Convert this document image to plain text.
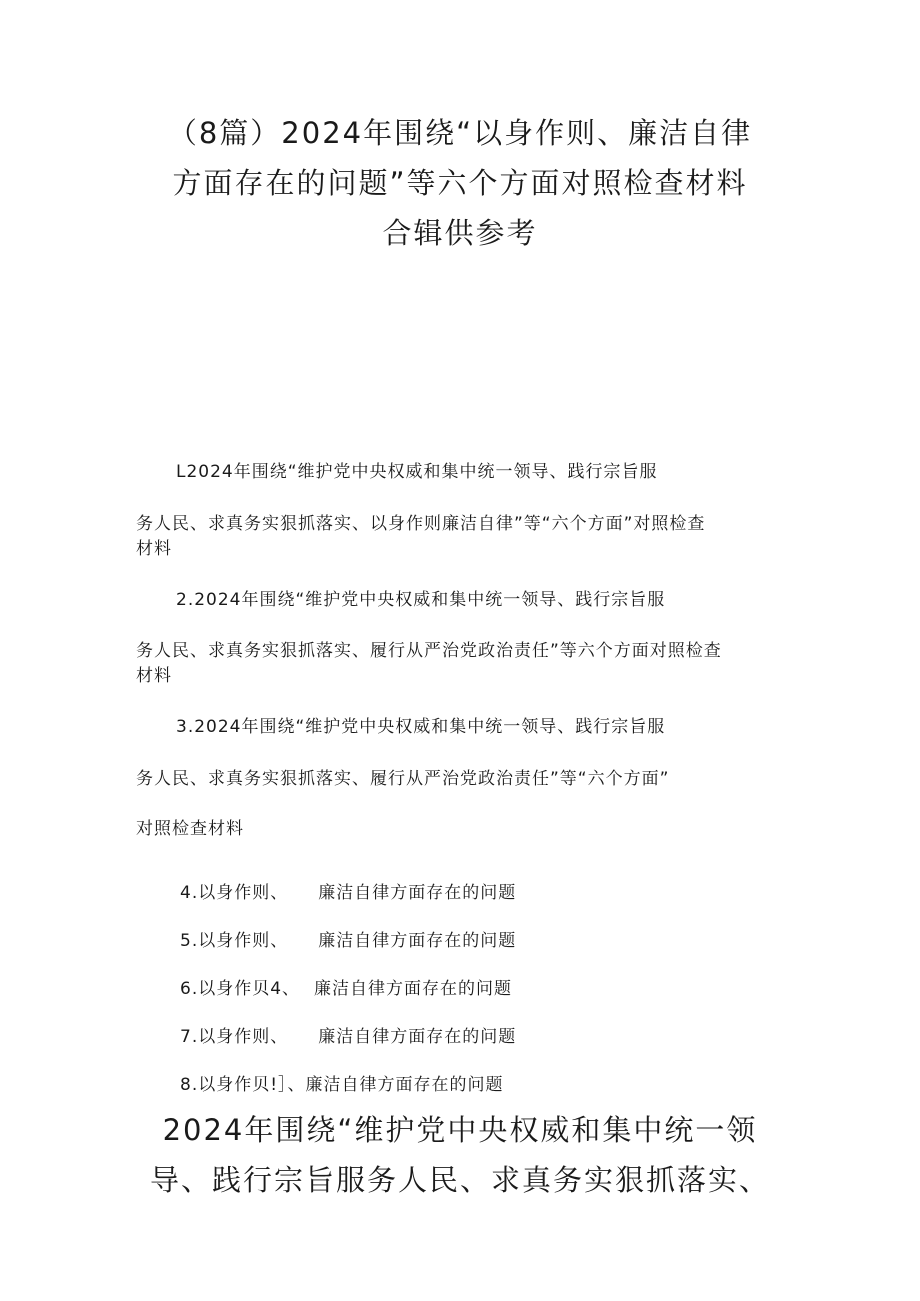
（8篇）2024年围绕“以身作则、廉洁自律
方面存在的问题”等六个方面对照检查材料
合辑供参考
L2024年围绕“维护党中央权威和集中统一领导、践行宗旨服
务人民、求真务实狠抓落实、以身作则廉洁自律”等“六个方面”对照检查
材料
2.2024年围绕“维护党中央权威和集中统一领导、践行宗旨服
务人民、求真务实狠抓落实、履行从严治党政治责任”等六个方面对照检查
材料
3.2024年围绕“维护党中央权威和集中统一领导、践行宗旨服
务人民、求真务实狠抓落实、履行从严治党政治责任”等“六个方面”
对照检查材料
4.以身作则、 廉洁自律方面存在的问题
5.以身作则、 廉洁自律方面存在的问题
6.以身作贝4、 廉洁自律方面存在的问题
7.以身作则、 廉洁自律方面存在的问题
8.以身作贝!］、廉洁自律方面存在的问题
2024年围绕“维护党中央权威和集中统一领
导、践行宗旨服务人民、求真务实狠抓落实、
